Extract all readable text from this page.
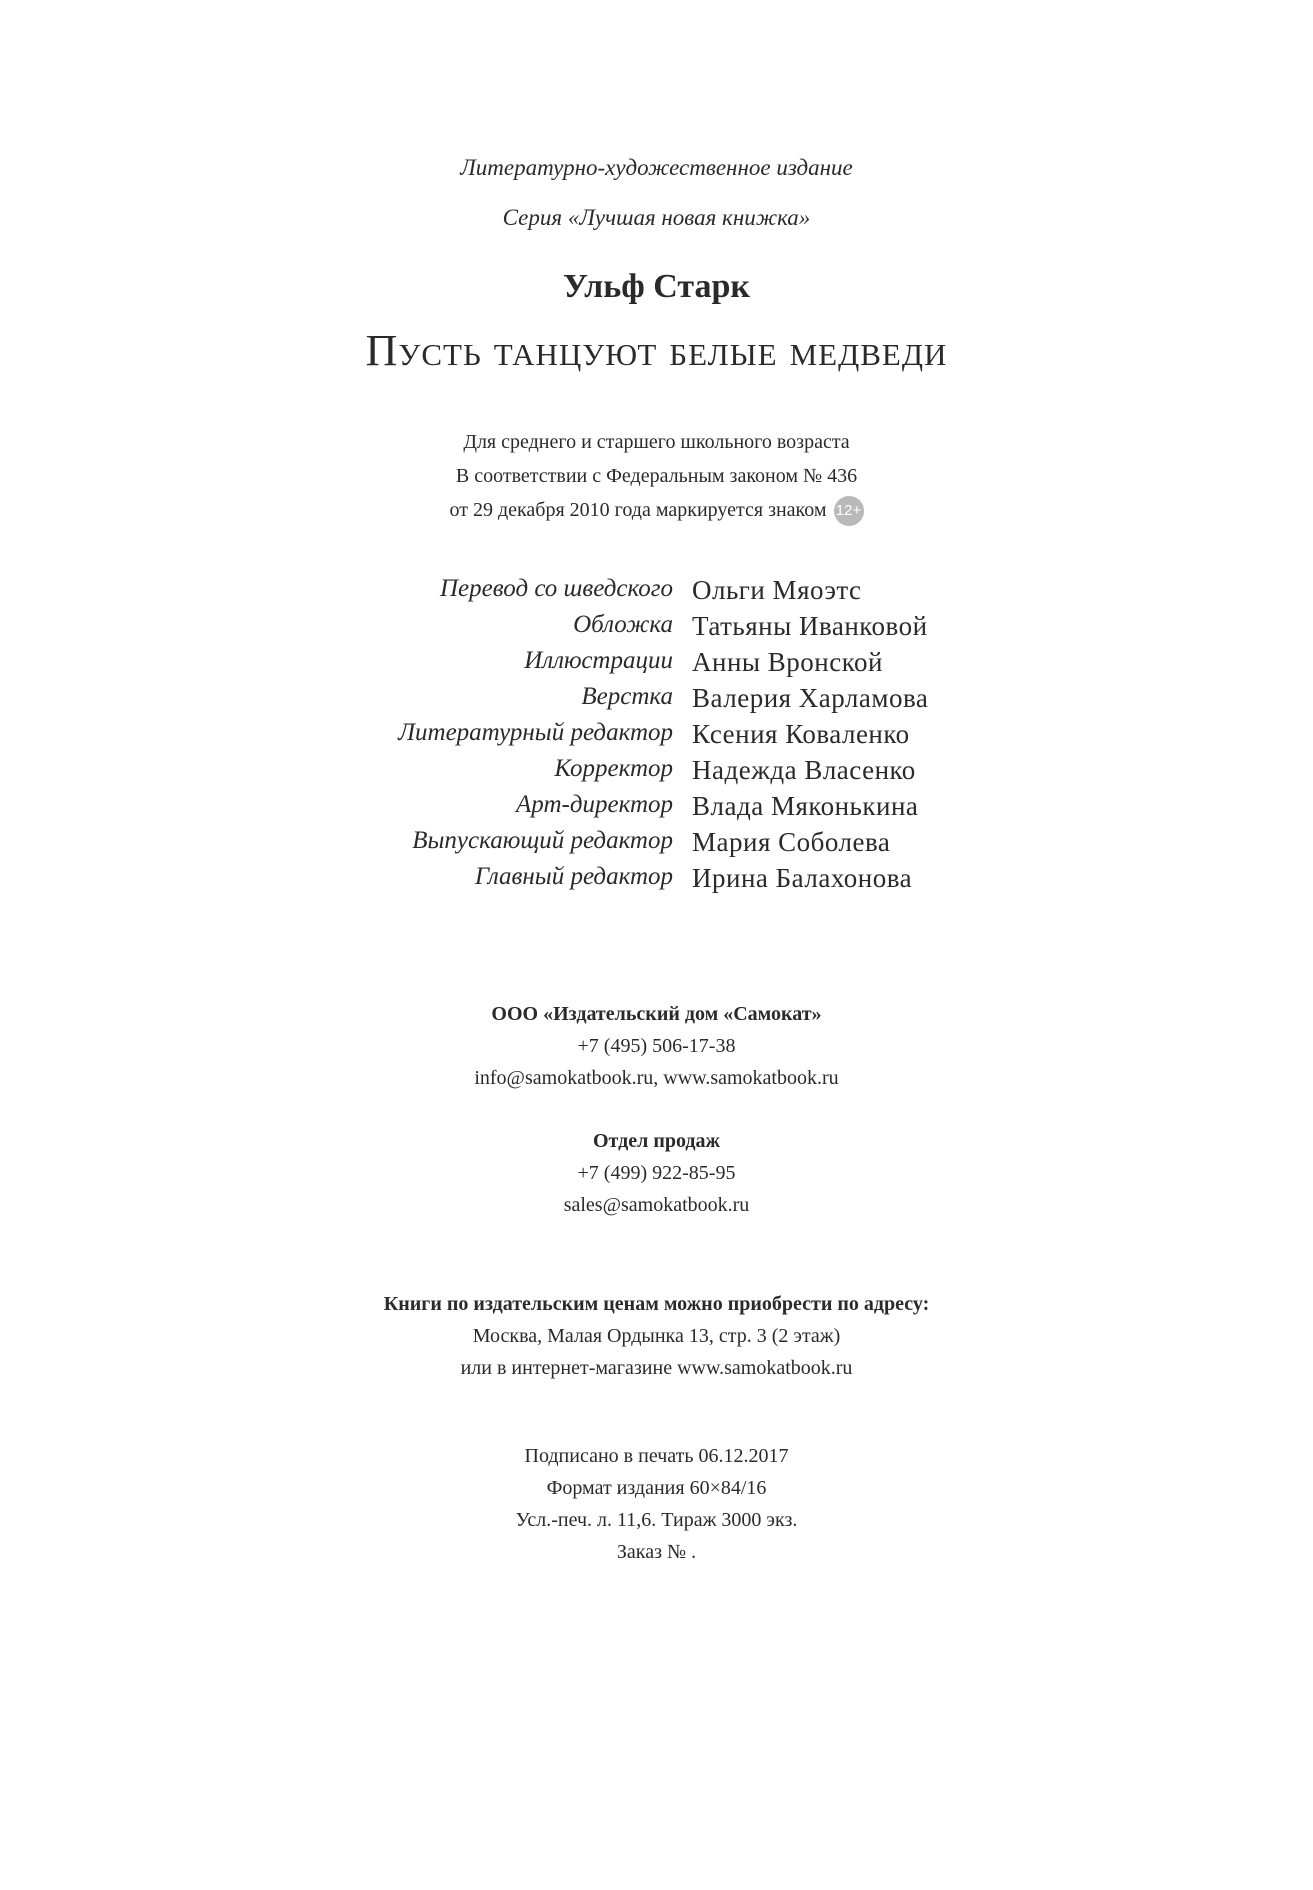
Литературно-художественное издание
Серия «Лучшая новая книжка»
Ульф Старк
Пусть танцуют белые медведи
Для среднего и старшего школьного возраста
В соответствии с Федеральным законом № 436
от 29 декабря 2010 года маркируется знаком 12+
Перевод со шведского Ольги Мяоэтс
Обложка Татьяны Иванковой
Иллюстрации Анны Вронской
Верстка Валерия Харламова
Литературный редактор Ксения Коваленко
Корректор Надежда Власенко
Арт-директор Влада Мяконькина
Выпускающий редактор Мария Соболева
Главный редактор Ирина Балахонова
ООО «Издательский дом «Самокат»
+7 (495) 506-17-38
info@samokatbook.ru, www.samokatbook.ru
Отдел продаж
+7 (499) 922-85-95
sales@samokatbook.ru
Книги по издательским ценам можно приобрести по адресу:
Москва, Малая Ордынка 13, стр. 3 (2 этаж)
или в интернет-магазине www.samokatbook.ru
Подписано в печать 06.12.2017
Формат издания 60×84/16
Усл.-печ. л. 11,6. Тираж 3000 экз.
Заказ № .
